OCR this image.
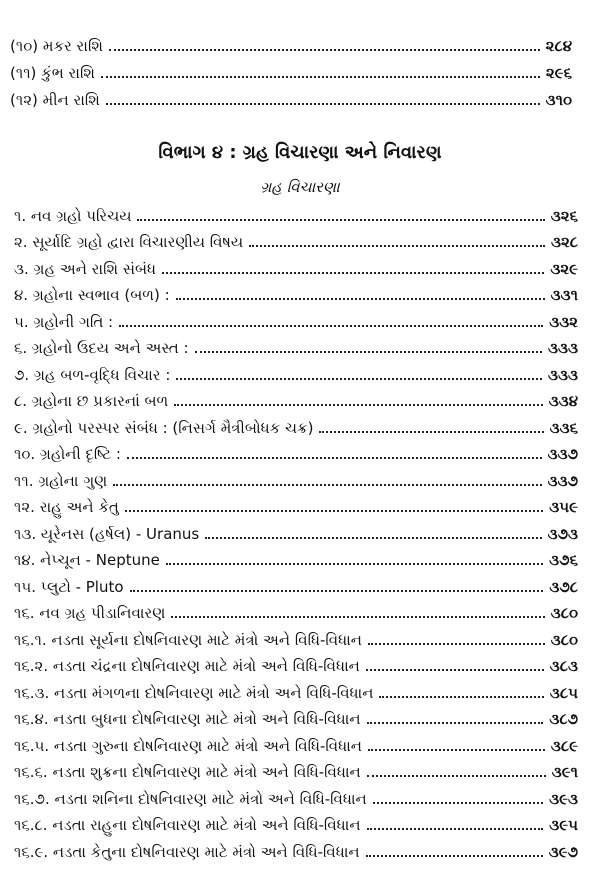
(૧૦) મકર રાશિ	૨૮૪
(૧૧) કુંભ રાશિ	૨૯૬
(૧૨) મીન રાશિ	૩૧૦
વિભાગ ૪ : ગ્રહ વિચારણા અને નિવારણ
ગ્રહ વિચારણા
૧. નવ ગ્રહો પરિચય	૩૨૬
૨. સૂર્યાદિ ગ્રહો દ્વારા વિચારણીય વિષય	૩૨૮
૩. ગ્રહ અને રાશિ સંબંધ	૩૨૯
૪. ગ્રહોના સ્વભાવ (બળ) :	૩૩૧
૫. ગ્રહોની ગતિ :	૩૩૨
૬. ગ્રહોનો ઉદય અને અસ્ત :	૩૩૩
૭. ગ્રહ બળ-વૃદ્ધિ વિચાર :	૩૩૩
૮. ગ્રહોના છ પ્રકારનાં બળ	૩૩૪
૯. ગ્રહોનો પરસ્પર સંબંધ : (નિસર્ગ મૈત્રીબોધક ચક્ર)	૩૩૬
૧૦. ગ્રહોની દૃષ્ટિ :	૩૩૭
૧૧. ગ્રહોના ગુણ	૩૩૭
૧૨. રાહુ અને કેતુ	૩૫૯
૧૩. યૂરેનસ (હર્ષલ) - Uranus	૩૭૩
૧૪. નેપ્ચૂન - Neptune	૩૭૬
૧૫. પ્લુટો - Pluto	૩૭૮
૧૬. નવ ગ્રહ પીડાનિવારણ	૩૮૦
૧૬.૧. નડતા સૂર્યના દોષનિવારણ માટે મંત્રો અને વિધિ-વિધાન	૩૮૦
૧૬.૨. નડતા ચંદ્રના દોષનિવારણ માટે મંત્રો અને વિધિ-વિધાન	૩૮૩
૧૬.૩. નડતા મંગળના દોષનિવારણ માટે મંત્રો અને વિધિ-વિધાન	૩૮૫
૧૬.૪. નડતા બુધના દોષનિવારણ માટે મંત્રો અને વિધિ-વિધાન	૩૮૭
૧૬.૫. નડતા ગુરુના દોષનિવારણ માટે મંત્રો અને વિધિ-વિધાન	૩૮૯
૧૬.૬. નડતા શુક્રના દોષનિવારણ માટે મંત્રો અને વિધિ-વિધાન	૩૯૧
૧૬.૭. નડતા શનિના દોષનિવારણ માટે મંત્રો અને વિધિ-વિધાન	૩૯૩
૧૬.૮. નડતા રાહુના દોષનિવારણ માટે મંત્રો અને વિધિ-વિધાન	૩૯૫
૧૬.૯. નડતા કેતુના દોષનિવારણ માટે મંત્રો અને વિધિ-વિધાન	૩૯૭
